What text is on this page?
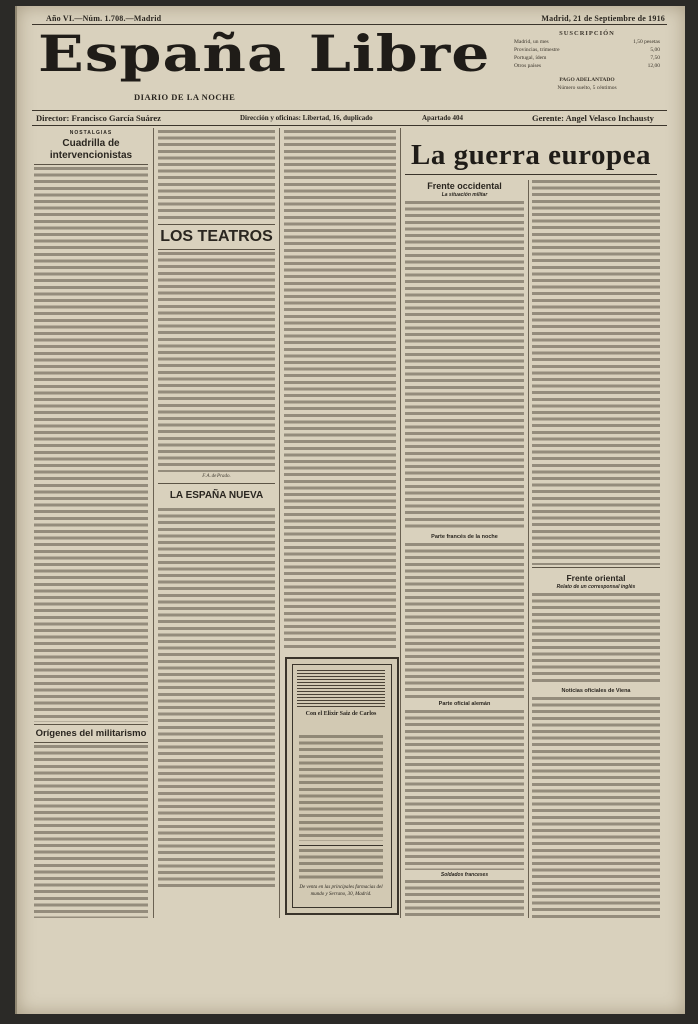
Año VI.—Núm. 1.708.—Madrid	Madrid, 21 de Septiembre de 1916
España Libre
DIARIO DE LA NOCHE
SUSCRIPCIÓN
Madrid, un mes	1,50 pesetas
Provincias, trimestre	5,00
Portugal, ídem	7,50
Otros países	12,00
PAGO ADELANTADO
Número suelto, 5 céntimos
Director: Francisco García Suárez	Dirección y oficinas: Libertad, 16, duplicado	Apartado 404	Gerente: Angel Velasco Inchausty
NOSTALGIAS
Cuadrilla de intervencionistas
Orígenes del militarismo
LOS TEATROS
F. A. de Prado.
LA ESPAÑA NUEVA
Con el Elixir Saiz de Carlos
De venta en las principales farmacias del mundo y Serrano, 30, Madrid.
La guerra europea
Frente occidental
La situación militar
Parte francés de la noche
Parte oficial alemán
Soldados franceses
Frente oriental
Relato de un corresponsal inglés
Noticias oficiales de Viena
